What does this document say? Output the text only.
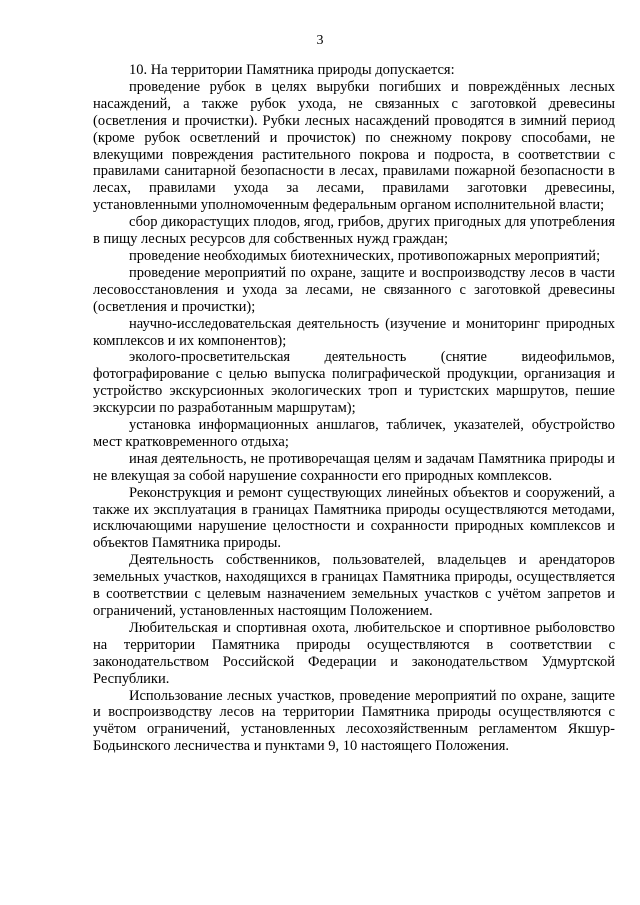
3

10. На территории Памятника природы допускается:

проведение рубок в целях вырубки погибших и повреждённых лесных насаждений, а также рубок ухода, не связанных с заготовкой древесины (осветления и прочистки). Рубки лесных насаждений проводятся в зимний период (кроме рубок осветлений и прочисток) по снежному покрову способами, не влекущими повреждения растительного покрова и подроста, в соответствии с правилами санитарной безопасности в лесах, правилами пожарной безопасности в лесах, правилами ухода за лесами, правилами заготовки древесины, установленными уполномоченным федеральным органом исполнительной власти;

сбор дикорастущих плодов, ягод, грибов, других пригодных для употребления в пищу лесных ресурсов для собственных нужд граждан;

проведение необходимых биотехнических, противопожарных мероприятий;

проведение мероприятий по охране, защите и воспроизводству лесов в части лесовосстановления и ухода за лесами, не связанного с заготовкой древесины (осветления и прочистки);

научно-исследовательская деятельность (изучение и мониторинг природных комплексов и их компонентов);

эколого-просветительская деятельность (снятие видеофильмов, фотографирование с целью выпуска полиграфической продукции, организация и устройство экскурсионных экологических троп и туристских маршрутов, пешие экскурсии по разработанным маршрутам);

установка информационных аншлагов, табличек, указателей, обустройство мест кратковременного отдыха;

иная деятельность, не противоречащая целям и задачам Памятника природы и не влекущая за собой нарушение сохранности его природных комплексов.

Реконструкция и ремонт существующих линейных объектов и сооружений, а также их эксплуатация в границах Памятника природы осуществляются методами, исключающими нарушение целостности и сохранности природных комплексов и объектов Памятника природы.

Деятельность собственников, пользователей, владельцев и арендаторов земельных участков, находящихся в границах Памятника природы, осуществляется в соответствии с целевым назначением земельных участков с учётом запретов и ограничений, установленных настоящим Положением.

Любительская и спортивная охота, любительское и спортивное рыболовство на территории Памятника природы осуществляются в соответствии с законодательством Российской Федерации и законодательством Удмуртской Республики.

Использование лесных участков, проведение мероприятий по охране, защите и воспроизводству лесов на территории Памятника природы осуществляются с учётом ограничений, установленных лесохозяйственным регламентом Якшур-Бодьинского лесничества и пунктами 9, 10 настоящего Положения.
